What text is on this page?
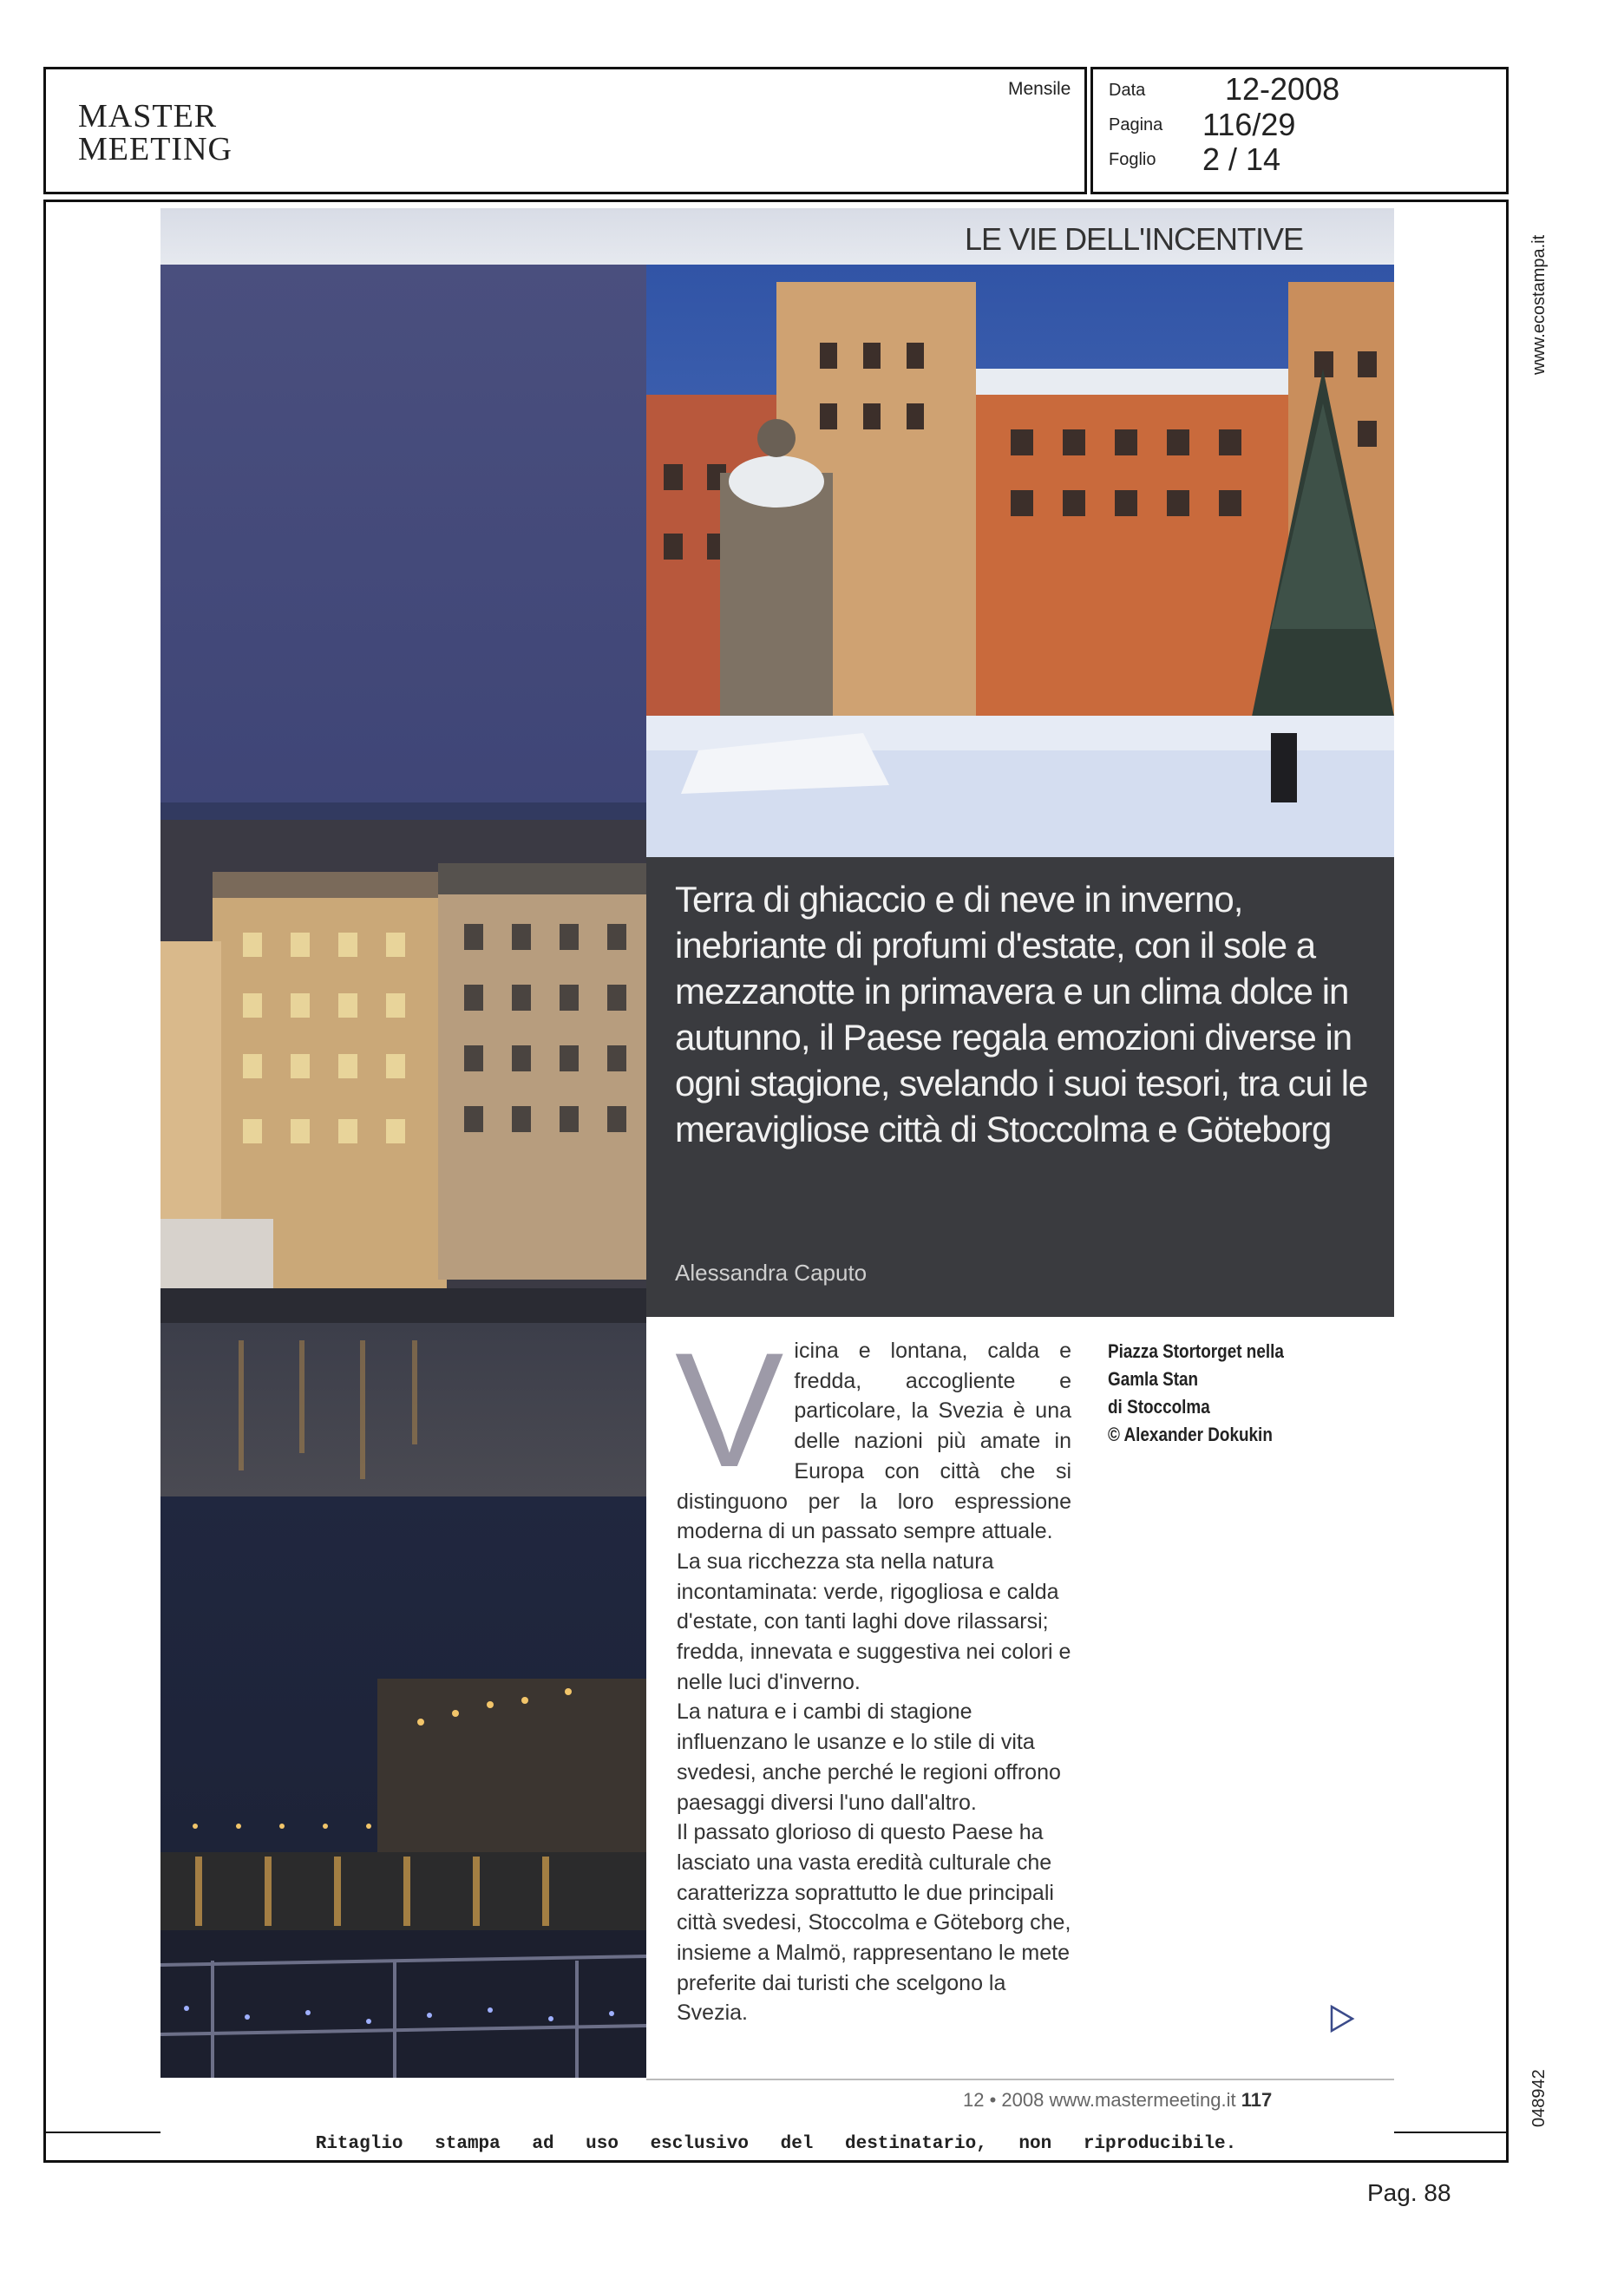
MASTER
MEETING
Mensile Data	12-2008
Pagina 116/29
Foglio 2 / 14
www.ecostampa.it
048942
LE VIE DELL'INCENTIVE
Terra di ghiaccio e di neve in inverno, inebriante di profumi d'estate, con il sole a mezzanotte in primavera e un clima dolce in autunno, il Paese regala emozioni diverse in ogni stagione, svelando i suoi tesori, tra cui le meravigliose città di Stoccolma e Göteborg
Alessandra Caputo

Vicina e lontana, calda e fredda, accogliente e particolare, la Svezia è una delle nazioni più amate in Europa con città che si distinguono per la loro espressione moderna di un passato sempre attuale.

La sua ricchezza sta nella natura incontaminata: verde, rigogliosa e calda d'estate, con tanti laghi dove rilassarsi; fredda, innevata e suggestiva nei colori e nelle luci d'inverno.

La natura e i cambi di stagione influenzano le usanze e lo stile di vita svedesi, anche perché le regioni offrono paesaggi diversi l'uno dall'altro.

Il passato glorioso di questo Paese ha lasciato una vasta eredità culturale che caratterizza soprattutto le due principali città svedesi, Stoccolma e Göteborg che, insieme a Malmö, rappresentano le mete preferite dai turisti che scelgono la Svezia.

Piazza Stortorget nella
Gamla Stan
di Stoccolma
© Alexander Dokukin
12 • 2008 www.mastermeeting.it 117
Ritaglio stampa ad uso esclusivo del destinatario, non riproducibile.
Pag. 88
